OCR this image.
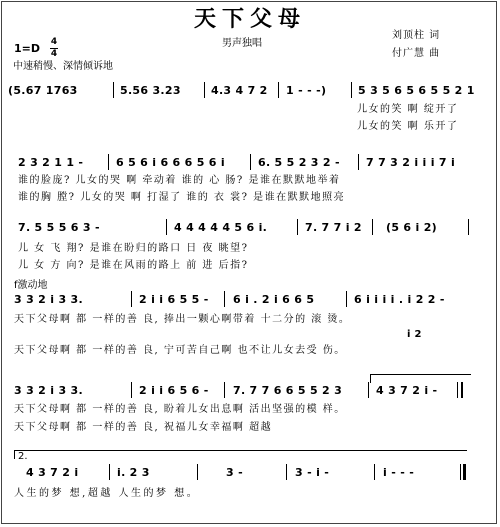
天下父母
男声独唱
刘顶柱 词
付广慧 曲
1=D 4
4
中速稍慢、深情倾诉地
(5.67 1763	5.56 3.23	4.3 4 7 2 1 - - -)	5 3 5 6 5 6 5 5 2 1
儿女的笑 啊 绽开了
儿女的笑 啊 乐开了
2 3 2 1 1 -	6 5 6 i 6 6 6 5 6 i	6. 5 5 2 3 2 - 7 7 3 2 i i i 7 i
谁的脸庞? 儿女的哭 啊 牵动着 谁的 心 肠? 是谁在默默地举着
谁的胸 膛? 儿女的哭 啊 打湿了 谁的 衣 裳? 是谁在默默地照亮
7. 5 5 5 6 3 -	4 4 4 4 4 5 6 i.	7. 7 7 i 2 (5 6 i 2)
儿 女 飞 翔? 是谁在盼归的路口 日 夜 眺望?
儿 女 方 向? 是谁在风雨的路上 前 进 后指?
f激动地
3 3 2 i 3 3.	2 i i 6 5 5 - 6 i . 2 i 6 6 5	6 i i i i . i 2 2 -
天下父母啊 都 一样的善 良, 捧出一颗心啊带着 十二分的 滚 烫。
i 2
天下父母啊 都 一样的善 良, 宁可苦自己啊 也不让儿女去受 伤。
3 3 2 i 3 3.	2 i i 6 5 6 - 7. 7 7 6 6 5 5 2 3	4 3 7 2 i -
天下父母啊 都 一样的善 良, 盼着儿女出息啊 活出坚强的模 样。
天下父母啊 都 一样的善 良, 祝福儿女幸福啊 超越
2.
4 3 7 2 i	i. 2 3	3 -	3 - i -	i - - -
人生的梦 想,超越 人生的梦 想。
